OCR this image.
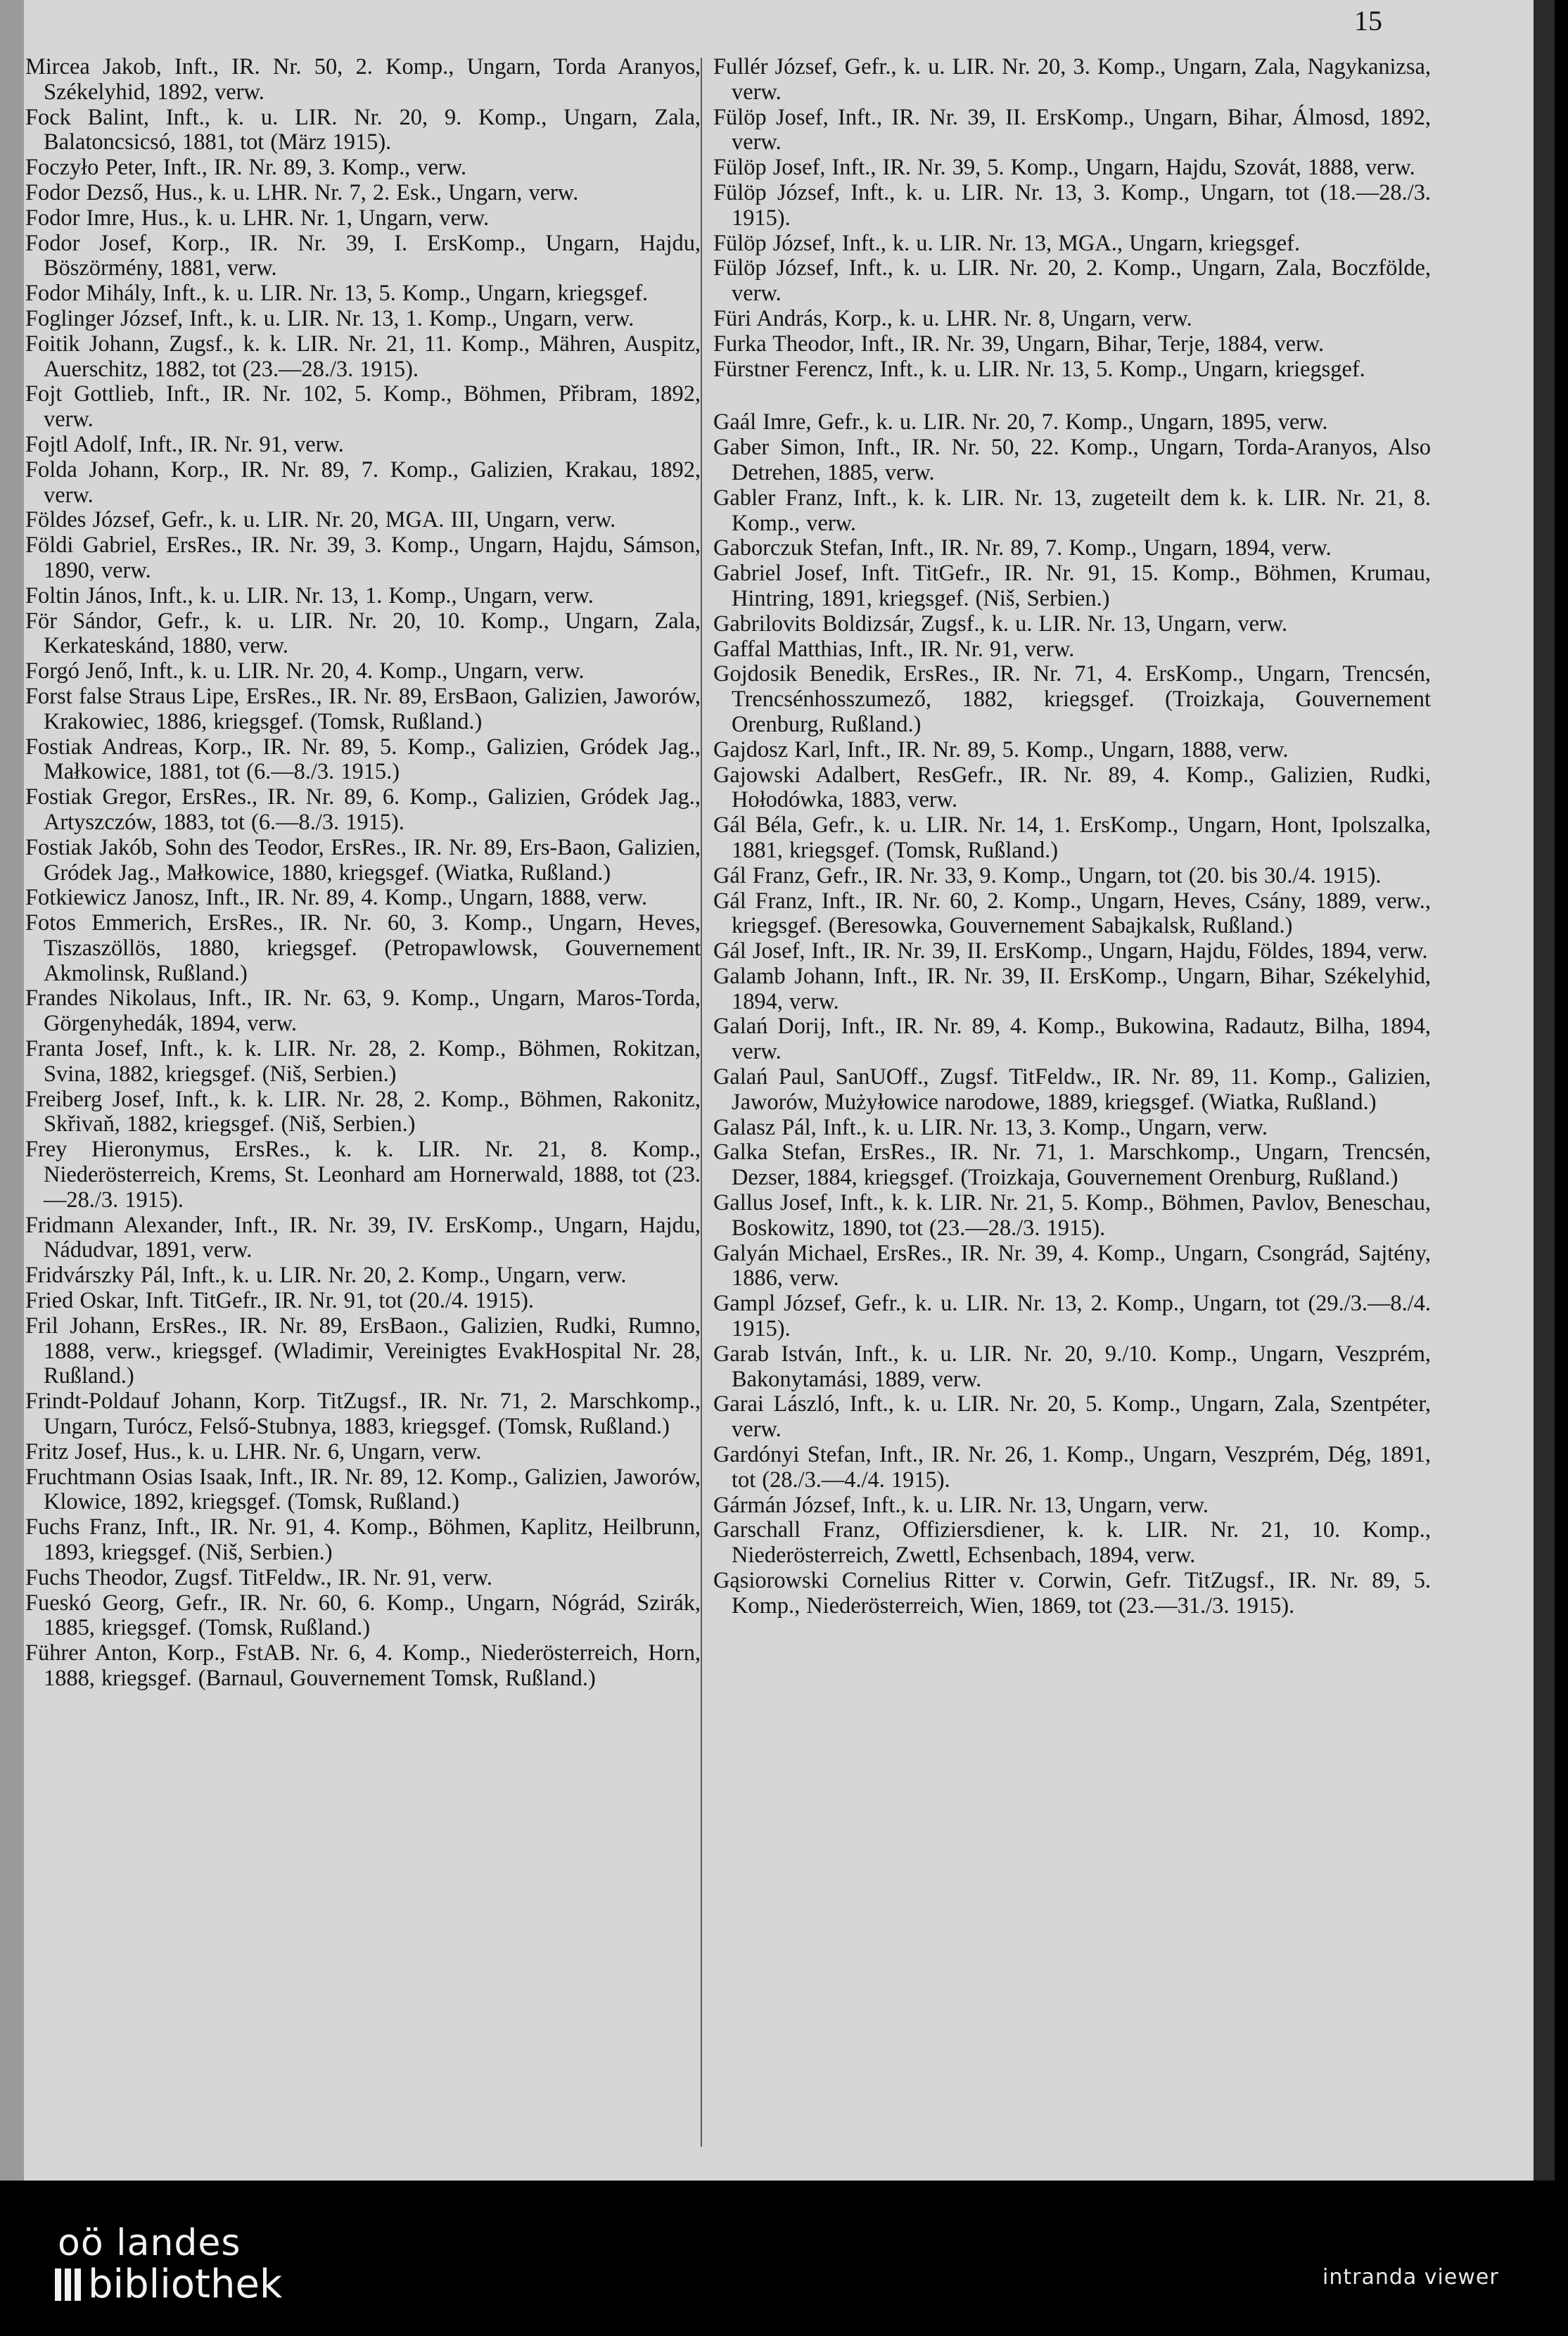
15
Mircea Jakob, Inft., IR. Nr. 50, 2. Komp., Ungarn, Torda Aranyos, Székelyhid, 1892, verw.
Fock Balint, Inft., k. u. LIR. Nr. 20, 9. Komp., Ungarn, Zala, Balatoncsicsó, 1881, tot (März 1915).
Foczyło Peter, Inft., IR. Nr. 89, 3. Komp., verw.
Fodor Dezső, Hus., k. u. LHR. Nr. 7, 2. Esk., Ungarn, verw.
Fodor Imre, Hus., k. u. LHR. Nr. 1, Ungarn, verw.
Fodor Josef, Korp., IR. Nr. 39, I. ErsKomp., Ungarn, Hajdu, Böszörmény, 1881, verw.
Fodor Mihály, Inft., k. u. LIR. Nr. 13, 5. Komp., Ungarn, kriegsgef.
Foglinger József, Inft., k. u. LIR. Nr. 13, 1. Komp., Ungarn, verw.
Foitik Johann, Zugsf., k. k. LIR. Nr. 21, 11. Komp., Mähren, Auspitz, Auerschitz, 1882, tot (23.—28./3. 1915).
Fojt Gottlieb, Inft., IR. Nr. 102, 5. Komp., Böhmen, Přibram, 1892, verw.
Fojtl Adolf, Inft., IR. Nr. 91, verw.
Folda Johann, Korp., IR. Nr. 89, 7. Komp., Galizien, Krakau, 1892, verw.
Földes József, Gefr., k. u. LIR. Nr. 20, MGA. III, Ungarn, verw.
Földi Gabriel, ErsRes., IR. Nr. 39, 3. Komp., Ungarn, Hajdu, Sámson, 1890, verw.
Foltin János, Inft., k. u. LIR. Nr. 13, 1. Komp., Ungarn, verw.
För Sándor, Gefr., k. u. LIR. Nr. 20, 10. Komp., Ungarn, Zala, Kerkateskánd, 1880, verw.
Forgó Jenő, Inft., k. u. LIR. Nr. 20, 4. Komp., Ungarn, verw.
Forst false Straus Lipe, ErsRes., IR. Nr. 89, ErsBaon, Galizien, Jaworów, Krakowiec, 1886, kriegsgef. (Tomsk, Rußland.)
Fostiak Andreas, Korp., IR. Nr. 89, 5. Komp., Galizien, Gródek Jag., Małkowice, 1881, tot (6.—8./3. 1915.)
Fostiak Gregor, ErsRes., IR. Nr. 89, 6. Komp., Galizien, Gródek Jag., Artyszczów, 1883, tot (6.—8./3. 1915).
Fostiak Jakób, Sohn des Teodor, ErsRes., IR. Nr. 89, Ers-Baon, Galizien, Gródek Jag., Małkowice, 1880, kriegsgef. (Wiatka, Rußland.)
Fotkiewicz Janosz, Inft., IR. Nr. 89, 4. Komp., Ungarn, 1888, verw.
Fotos Emmerich, ErsRes., IR. Nr. 60, 3. Komp., Ungarn, Heves, Tiszaszöllös, 1880, kriegsgef. (Petropawlowsk, Gouvernement Akmolinsk, Rußland.)
Frandes Nikolaus, Inft., IR. Nr. 63, 9. Komp., Ungarn, Maros-Torda, Görgenyhedák, 1894, verw.
Franta Josef, Inft., k. k. LIR. Nr. 28, 2. Komp., Böhmen, Rokitzan, Svina, 1882, kriegsgef. (Niš, Serbien.)
Freiberg Josef, Inft., k. k. LIR. Nr. 28, 2. Komp., Böhmen, Rakonitz, Skřivaň, 1882, kriegsgef. (Niš, Serbien.)
Frey Hieronymus, ErsRes., k. k. LIR. Nr. 21, 8. Komp., Niederösterreich, Krems, St. Leonhard am Hornerwald, 1888, tot (23.—28./3. 1915).
Fridmann Alexander, Inft., IR. Nr. 39, IV. ErsKomp., Ungarn, Hajdu, Nádudvar, 1891, verw.
Fridvárszky Pál, Inft., k. u. LIR. Nr. 20, 2. Komp., Ungarn, verw.
Fried Oskar, Inft. TitGefr., IR. Nr. 91, tot (20./4. 1915).
Fril Johann, ErsRes., IR. Nr. 89, ErsBaon., Galizien, Rudki, Rumno, 1888, verw., kriegsgef. (Wladimir, Vereinigtes EvakHospital Nr. 28, Rußland.)
Frindt-Poldauf Johann, Korp. TitZugsf., IR. Nr. 71, 2. Marschkomp., Ungarn, Turócz, Felső-Stubnya, 1883, kriegsgef. (Tomsk, Rußland.)
Fritz Josef, Hus., k. u. LHR. Nr. 6, Ungarn, verw.
Fruchtmann Osias Isaak, Inft., IR. Nr. 89, 12. Komp., Galizien, Jaworów, Klowice, 1892, kriegsgef. (Tomsk, Rußland.)
Fuchs Franz, Inft., IR. Nr. 91, 4. Komp., Böhmen, Kaplitz, Heilbrunn, 1893, kriegsgef. (Niš, Serbien.)
Fuchs Theodor, Zugsf. TitFeldw., IR. Nr. 91, verw.
Fueskó Georg, Gefr., IR. Nr. 60, 6. Komp., Ungarn, Nógrád, Szirák, 1885, kriegsgef. (Tomsk, Rußland.)
Führer Anton, Korp., FstAB. Nr. 6, 4. Komp., Niederösterreich, Horn, 1888, kriegsgef. (Barnaul, Gouvernement Tomsk, Rußland.)
Fullér József, Gefr., k. u. LIR. Nr. 20, 3. Komp., Ungarn, Zala, Nagykanizsa, verw.
Fülöp Josef, Inft., IR. Nr. 39, II. ErsKomp., Ungarn, Bihar, Álmosd, 1892, verw.
Fülöp Josef, Inft., IR. Nr. 39, 5. Komp., Ungarn, Hajdu, Szovát, 1888, verw.
Fülöp József, Inft., k. u. LIR. Nr. 13, 3. Komp., Ungarn, tot (18.—28./3. 1915).
Fülöp József, Inft., k. u. LIR. Nr. 13, MGA., Ungarn, kriegsgef.
Fülöp József, Inft., k. u. LIR. Nr. 20, 2. Komp., Ungarn, Zala, Boczfölde, verw.
Füri András, Korp., k. u. LHR. Nr. 8, Ungarn, verw.
Furka Theodor, Inft., IR. Nr. 39, Ungarn, Bihar, Terje, 1884, verw.
Fürstner Ferencz, Inft., k. u. LIR. Nr. 13, 5. Komp., Ungarn, kriegsgef.
Gaál Imre, Gefr., k. u. LIR. Nr. 20, 7. Komp., Ungarn, 1895, verw.
Gaber Simon, Inft., IR. Nr. 50, 22. Komp., Ungarn, Torda-Aranyos, Also Detrehen, 1885, verw.
Gabler Franz, Inft., k. k. LIR. Nr. 13, zugeteilt dem k. k. LIR. Nr. 21, 8. Komp., verw.
Gaborczuk Stefan, Inft., IR. Nr. 89, 7. Komp., Ungarn, 1894, verw.
Gabriel Josef, Inft. TitGefr., IR. Nr. 91, 15. Komp., Böhmen, Krumau, Hintring, 1891, kriegsgef. (Niš, Serbien.)
Gabrilovits Boldizsár, Zugsf., k. u. LIR. Nr. 13, Ungarn, verw.
Gaffal Matthias, Inft., IR. Nr. 91, verw.
Gojdosik Benedik, ErsRes., IR. Nr. 71, 4. ErsKomp., Ungarn, Trencsén, Trencsénhosszumező, 1882, kriegsgef. (Troizkaja, Gouvernement Orenburg, Rußland.)
Gajdosz Karl, Inft., IR. Nr. 89, 5. Komp., Ungarn, 1888, verw.
Gajowski Adalbert, ResGefr., IR. Nr. 89, 4. Komp., Galizien, Rudki, Hołodówka, 1883, verw.
Gál Béla, Gefr., k. u. LIR. Nr. 14, 1. ErsKomp., Ungarn, Hont, Ipolszalka, 1881, kriegsgef. (Tomsk, Rußland.)
Gál Franz, Gefr., IR. Nr. 33, 9. Komp., Ungarn, tot (20. bis 30./4. 1915).
Gál Franz, Inft., IR. Nr. 60, 2. Komp., Ungarn, Heves, Csány, 1889, verw., kriegsgef. (Beresowka, Gouvernement Sabajkalsk, Rußland.)
Gál Josef, Inft., IR. Nr. 39, II. ErsKomp., Ungarn, Hajdu, Földes, 1894, verw.
Galamb Johann, Inft., IR. Nr. 39, II. ErsKomp., Ungarn, Bihar, Székelyhid, 1894, verw.
Galań Dorij, Inft., IR. Nr. 89, 4. Komp., Bukowina, Radautz, Bilha, 1894, verw.
Galań Paul, SanUOff., Zugsf. TitFeldw., IR. Nr. 89, 11. Komp., Galizien, Jaworów, Mużyłowice narodowe, 1889, kriegsgef. (Wiatka, Rußland.)
Galasz Pál, Inft., k. u. LIR. Nr. 13, 3. Komp., Ungarn, verw.
Galka Stefan, ErsRes., IR. Nr. 71, 1. Marschkomp., Ungarn, Trencsén, Dezser, 1884, kriegsgef. (Troizkaja, Gouvernement Orenburg, Rußland.)
Gallus Josef, Inft., k. k. LIR. Nr. 21, 5. Komp., Böhmen, Pavlov, Beneschau, Boskowitz, 1890, tot (23.—28./3. 1915).
Galyán Michael, ErsRes., IR. Nr. 39, 4. Komp., Ungarn, Csongrád, Sajtény, 1886, verw.
Gampl József, Gefr., k. u. LIR. Nr. 13, 2. Komp., Ungarn, tot (29./3.—8./4. 1915).
Garab István, Inft., k. u. LIR. Nr. 20, 9./10. Komp., Ungarn, Veszprém, Bakonytamási, 1889, verw.
Garai László, Inft., k. u. LIR. Nr. 20, 5. Komp., Ungarn, Zala, Szentpéter, verw.
Gardónyi Stefan, Inft., IR. Nr. 26, 1. Komp., Ungarn, Veszprém, Dég, 1891, tot (28./3.—4./4. 1915).
Gármán József, Inft., k. u. LIR. Nr. 13, Ungarn, verw.
Garschall Franz, Offiziersdiener, k. k. LIR. Nr. 21, 10. Komp., Niederösterreich, Zwettl, Echsenbach, 1894, verw.
Gąsiorowski Cornelius Ritter v. Corwin, Gefr. TitZugsf., IR. Nr. 89, 5. Komp., Niederösterreich, Wien, 1869, tot (23.—31./3. 1915).
oö landes
bibliothek	intranda viewer
